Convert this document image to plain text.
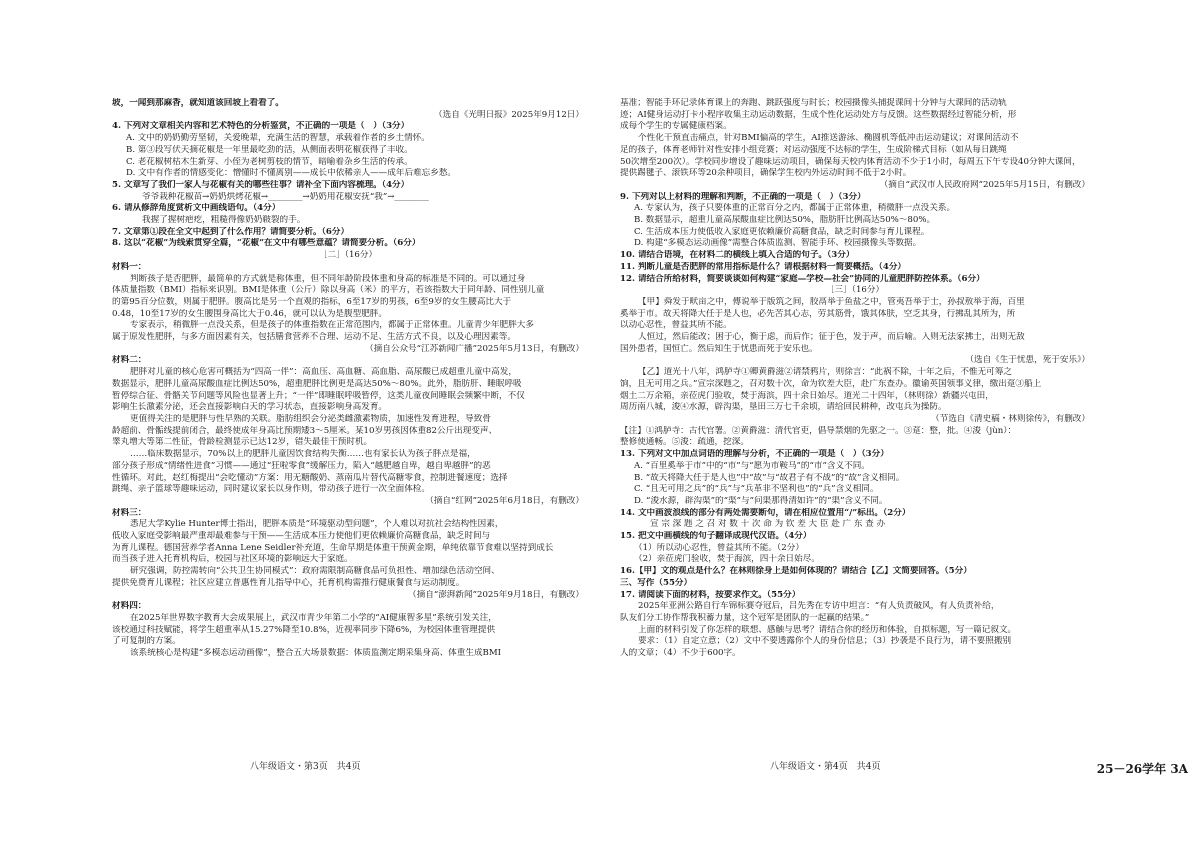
坡，一闻到那麻香，就知道该回坡上看看了。
（选自《光明日报》2025年9月12日）
4. 下列对文章相关内容和艺术特色的分析鉴赏，不正确的一项是（　）（3分）
A. 文中的奶奶勤劳坚韧，关爱晚辈，充满生活的智慧，承载着作者的乡土情怀。
B. 第③段写伏天摘花椒是一年里最吃劲的活，从侧面表明花椒获得了丰收。
C. 老花椒树枯木生新芽、小侄为老树剪枝的情节，暗喻着杂乡生活的传承。
D. 文中有作者的情感变化：憎懂时不懂离别——成长中依稀亲人——成年后难忘乡愁。
5. 文章写了我们一家人与花椒有关的哪些往事？请补全下面内容梳理。（4分）
爷爷栽种花椒苗→奶奶烘烤花椒→________→奶奶用花椒安抚“我”→________
6. 请从修辞角度赏析文中画线语句。（4分）
我握了握树疤疙，粗糙得像奶奶皲裂的手。
7. 文章第①段在全文中起到了什么作用？请简要分析。（6分）
8. 这以“花椒”为线索贯穿全篇，“花椒”在文中有哪些意蕴？请简要分析。（6分）
［二］（16分）
材料一：
判断孩子是否肥胖，最简单的方式就是称体重，但不同年龄阶段体重和身高的标准是不同的。可以通过身
体质量指数（BMI）指标来识别。BMI是体重（公斤）除以身高（米）的平方，若该指数大于同年龄、同性别儿童
的第95百分位数，则属于肥胖。腹高比是另一个直观的指标，6至17岁的男孩，6至9岁的女生腰高比大于
0.48，10至17岁的女生腰围身高比大于0.46，就可以认为是腹型肥胖。
专家表示，稍微胖一点没关系，但是孩子的体重指数在正常范围内，都属于正常体重。儿童青少年肥胖大多
属于原发性肥胖，与多方面因素有关，包括膳食营养不合理、运动不足、生活方式不良，以及心理因素等。
（摘自公众号“江苏新闻广播”2025年5月13日，有删改）
材料二：
肥胖对儿童的核心危害可概括为“四高一伴”：高血压、高血糖、高血脂、高尿酸已成超重儿童中高发，
数据显示，肥胖儿童高尿酸血症比例达50%，超重肥胖比例更是高达50%～80%。此外，脂肪肝、睡眠呼吸
暂停综合征、骨骼关节问题等风险也显著上升；“一伴”即睡眠呼吸暂停，这类儿童夜间睡眠会频繁中断，不仅
影响生长激素分泌，还会直接影响白天的学习状态，直接影响身高发育。
更值得关注的是肥胖与性早熟的关联。脂肪组织会分泌类雌激素物质，加速性发育进程，导致骨
龄超前、骨骺线提前闭合，最终使成年身高比预期矮3～5厘米。某10岁男孩因体重82公斤出现变声、
睾丸增大等第二性征，骨龄检测显示已达12岁，错失最佳干预时机。
……临床数据显示，70%以上的肥胖儿童因饮食结构失衡……也有家长认为孩子胖点是福，
部分孩子形成“情绪性进食”习惯——通过“狂啦零食”缓解压力，陷入“越肥越自卑，越自卑越胖”的恶
性循环。对此，赵红梅提出“会吃懂动”方案：用无糖酸奶、蒸南瓜片替代高糖零食，控制进餐速度；选择
跳绳、亲子篮球等趣味运动，同时建议家长以身作则，带动孩子进行一次全面体检。
（摘自“红网”2025年6月18日，有删改）
材料三：
悉尼大学Kylie Hunter博士指出，肥胖本质是“环境驱动型问题”，个人难以对抗社会结构性因素，
低收入家庭受影响最严重却最难参与干预——生活成本压力使他们更依赖廉价高糖食品，缺乏时间与
为育儿课程。德国营养学者Anna Lene Seidler补充道，生命早期是体重干预黄金期，单纯依靠节食难以坚持到成长
而当孩子进入托育机构后，校园与社区环境的影响远大于家庭。
研究强调，防控需转向“公共卫生协同模式”：政府需限制高糖食品可负担性、增加绿色活动空间、
提供免费育儿课程；社区应建立普惠性育儿指导中心，托育机构需推行健康餐食与运动制度。
（摘自“澎湃新闻”2025年9月18日，有删改）
材料四：
在2025年世界数字教育大会成果展上，武汉市青少年第二小学的“AI健康智多星”系统引发关注，
该校通过科技赋能，将学生超重率从15.27%降至10.8%，近视率同步下降6%，为校园体重管理提供
了可复制的方案。
该系统核心是构建“多模态运动画像”，整合五大场景数据：体质监测定期采集身高、体重生成BMI
八年级语文・第3页　共4页
基准；智能手环记录体育课上的奔跑、跳跃强度与时长；校园摄像头捕捉课间十分钟与大课间的活动轨
迹；AI健身运动打卡小程序收集主动运动数据，生成个性化运动处方与反馈。这些数据经过智能分析，形
成每个学生的专属健康档案。
个性化干预直击痛点，针对BMI偏高的学生，AI推送游泳、椭圆机等低冲击运动建议；对课间活动不
足的孩子，体育老师针对性安排小组竞赛；对运动强度不达标的学生，生成阶梯式目标（如从每日跳绳
50次增至200次）。学校同步增设了趣味运动项目，确保每天校内体育活动不少于1小时，每周五下午专设40分钟大课间，
提供踢毽子、滚铁环等20余种项目，确保学生校内外运动时间不低于2小时。
（摘自“武汉市人民政府网”2025年5月15日，有删改）
9. 下列对以上材料的理解和判断，不正确的一项是（　）（3分）
A. 专家认为，孩子只要体重的正常百分之内，都属于正常体重，稍微胖一点没关系。
B. 数据显示，超重儿童高尿酸血症比例达50%，脂肪肝比例高达50%～80%。
C. 生活成本压力使低收入家庭更依赖廉价高糖食品，缺乏时间参与育儿课程。
D. 构建“多模态运动画像”需整合体质监测、智能手环、校园摄像头等数据。
10. 请结合语境，在材料二的横线上填入合适的句子。（3分）
11. 判断儿童是否肥胖的常用指标是什么？请根据材料一简要概括。（4分）
12. 请结合所给材料，简要谈谈如何构建“家庭—学校—社会”协同的儿童肥胖防控体系。（6分）
［三］（16分）
【甲】舜发于畎亩之中，傅说举于版筑之间，胶鬲举于鱼盐之中，管夷吾举于士，孙叔敖举于海，百里
奚举于市。故天将降大任于是人也，必先苦其心志，劳其筋骨，饿其体肤，空乏其身，行拂乱其所为，所
以动心忍性，曾益其所不能。
人恒过，然后能改；困于心，衡于虑，而后作；征于色，发于声，而后喻。入则无法家拂士，出则无敌
国外患者，国恒亡。然后知生于忧患而死于安乐也。
（选自《生于忧患，死于安乐》）
【乙】道光十八年，鸿胪寺①卿黄爵滋②请禁鸦片，则徐言：“此祸不除，十年之后，不惟无可筹之
饷，且无可用之兵。”宣宗深韪之，召对数十次，命为钦差大臣，赴广东查办。徽谕英国领事义律，缴出趸③船上
烟土二万余箱，亲莅虎门验收，焚于海滨，四十余日始尽。道光二十四年，（林则徐）新疆兴屯田，
周历南八城，浚④水源，辟沟渠，垦田三万七千余顷，请给回民耕种，改屯兵为操防。
（节选自《清史稿・林则徐传》，有删改）
【注】①鸿胪寺：古代官署。②黄爵滋：清代官吏，倡导禁烟的先驱之一。③趸：整，批。④浚（jùn）：
整修使通畅。⑤浚：疏通，挖深。
13. 下列对文中加点词语的理解与分析，不正确的一项是（　）（3分）
A. “百里奚举于市”中的“市”与“愿为市鞍马”的“市”含义不同。
B. “故天将降大任于是人也”中“故”与“故君子有不战”的“故”含义相同。
C. “且无可用之兵”的“兵”与“兵革非不坚利也”的“兵”含义相同。
D. “浚水源，辟沟渠”的“渠”与“问渠那得清如许”的“渠”含义不同。
14. 文中画波浪线的部分有两处需要断句，请在相应位置用“/”标出。（2分）
宣 宗 深 韪 之 召 对 数 十 次 命 为 钦 差 大 臣 赴 广 东 查 办
15. 把文中画横线的句子翻译成现代汉语。（4分）
（1）所以动心忍性，曾益其所不能。（2分）
（2）亲莅虎门验收，焚于海滨，四十余日始尽。
16.【甲】文的观点是什么？在林则徐身上是如何体现的？请结合【乙】文简要回答。（5分）
三、写作（55分）
17. 请阅读下面的材料，按要求作文。（55分）
2025年亚洲公路自行车锦标赛夺冠后，吕先秀在专访中坦言：“有人负责破风，有人负责补给，
队友们分工协作帮我积蓄力量，这个冠军是团队的一起赢的结果。”
上面的材料引发了你怎样的联想、感触与思考？请结合你的经历和体验，自拟标题，写一篇记叙文。
要求：（1）自定立意；（2）文中不要透露你个人的身份信息；（3）抄袭是不良行为，请不要照搬别
人的文章；（4）不少于600字。
八年级语文・第4页　共4页	25－26学年 3A
